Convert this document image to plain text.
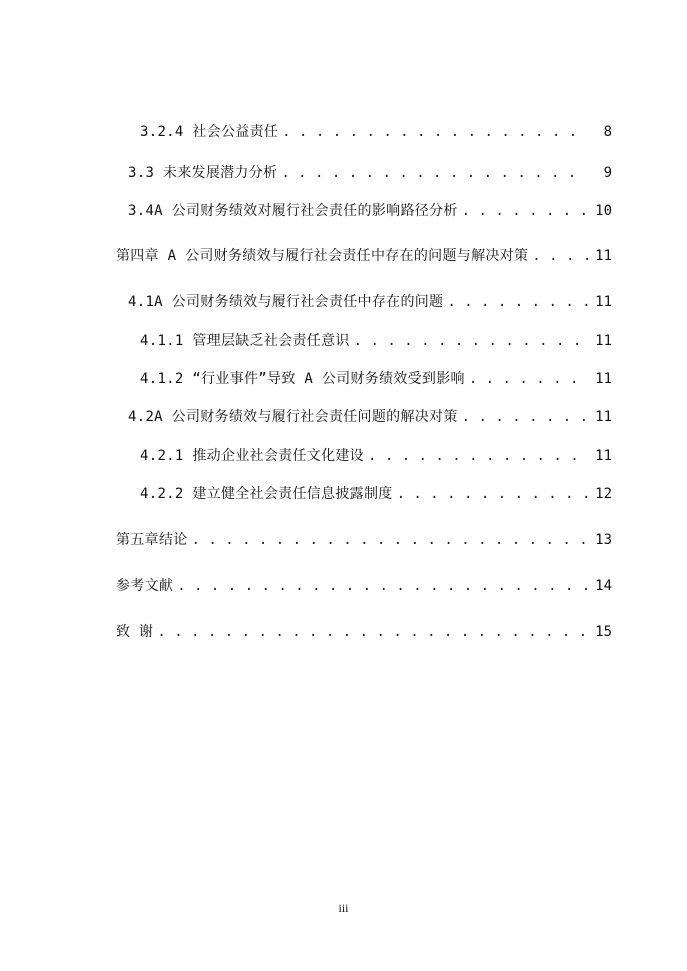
3.2.4 社会公益责任 . . .	8
3.3 未来发展潜力分析 . . .	9
3.4A 公司财务绩效对履行社会责任的影响路径分析 . . .	10
第四章 A 公司财务绩效与履行社会责任中存在的问题与解决对策 . . .	11
4.1A 公司财务绩效与履行社会责任中存在的问题 . . .	11
4.1.1 管理层缺乏社会责任意识 . . .	11
4.1.2 “行业事件”导致 A 公司财务绩效受到影响 . . .	11
4.2A 公司财务绩效与履行社会责任问题的解决对策 . . .	11
4.2.1 推动企业社会责任文化建设 . . .	11
4.2.2 建立健全社会责任信息披露制度 . . .	12
第五章结论 . . .	13
参考文献 . . .	14
致 谢 . . .	15
iii
